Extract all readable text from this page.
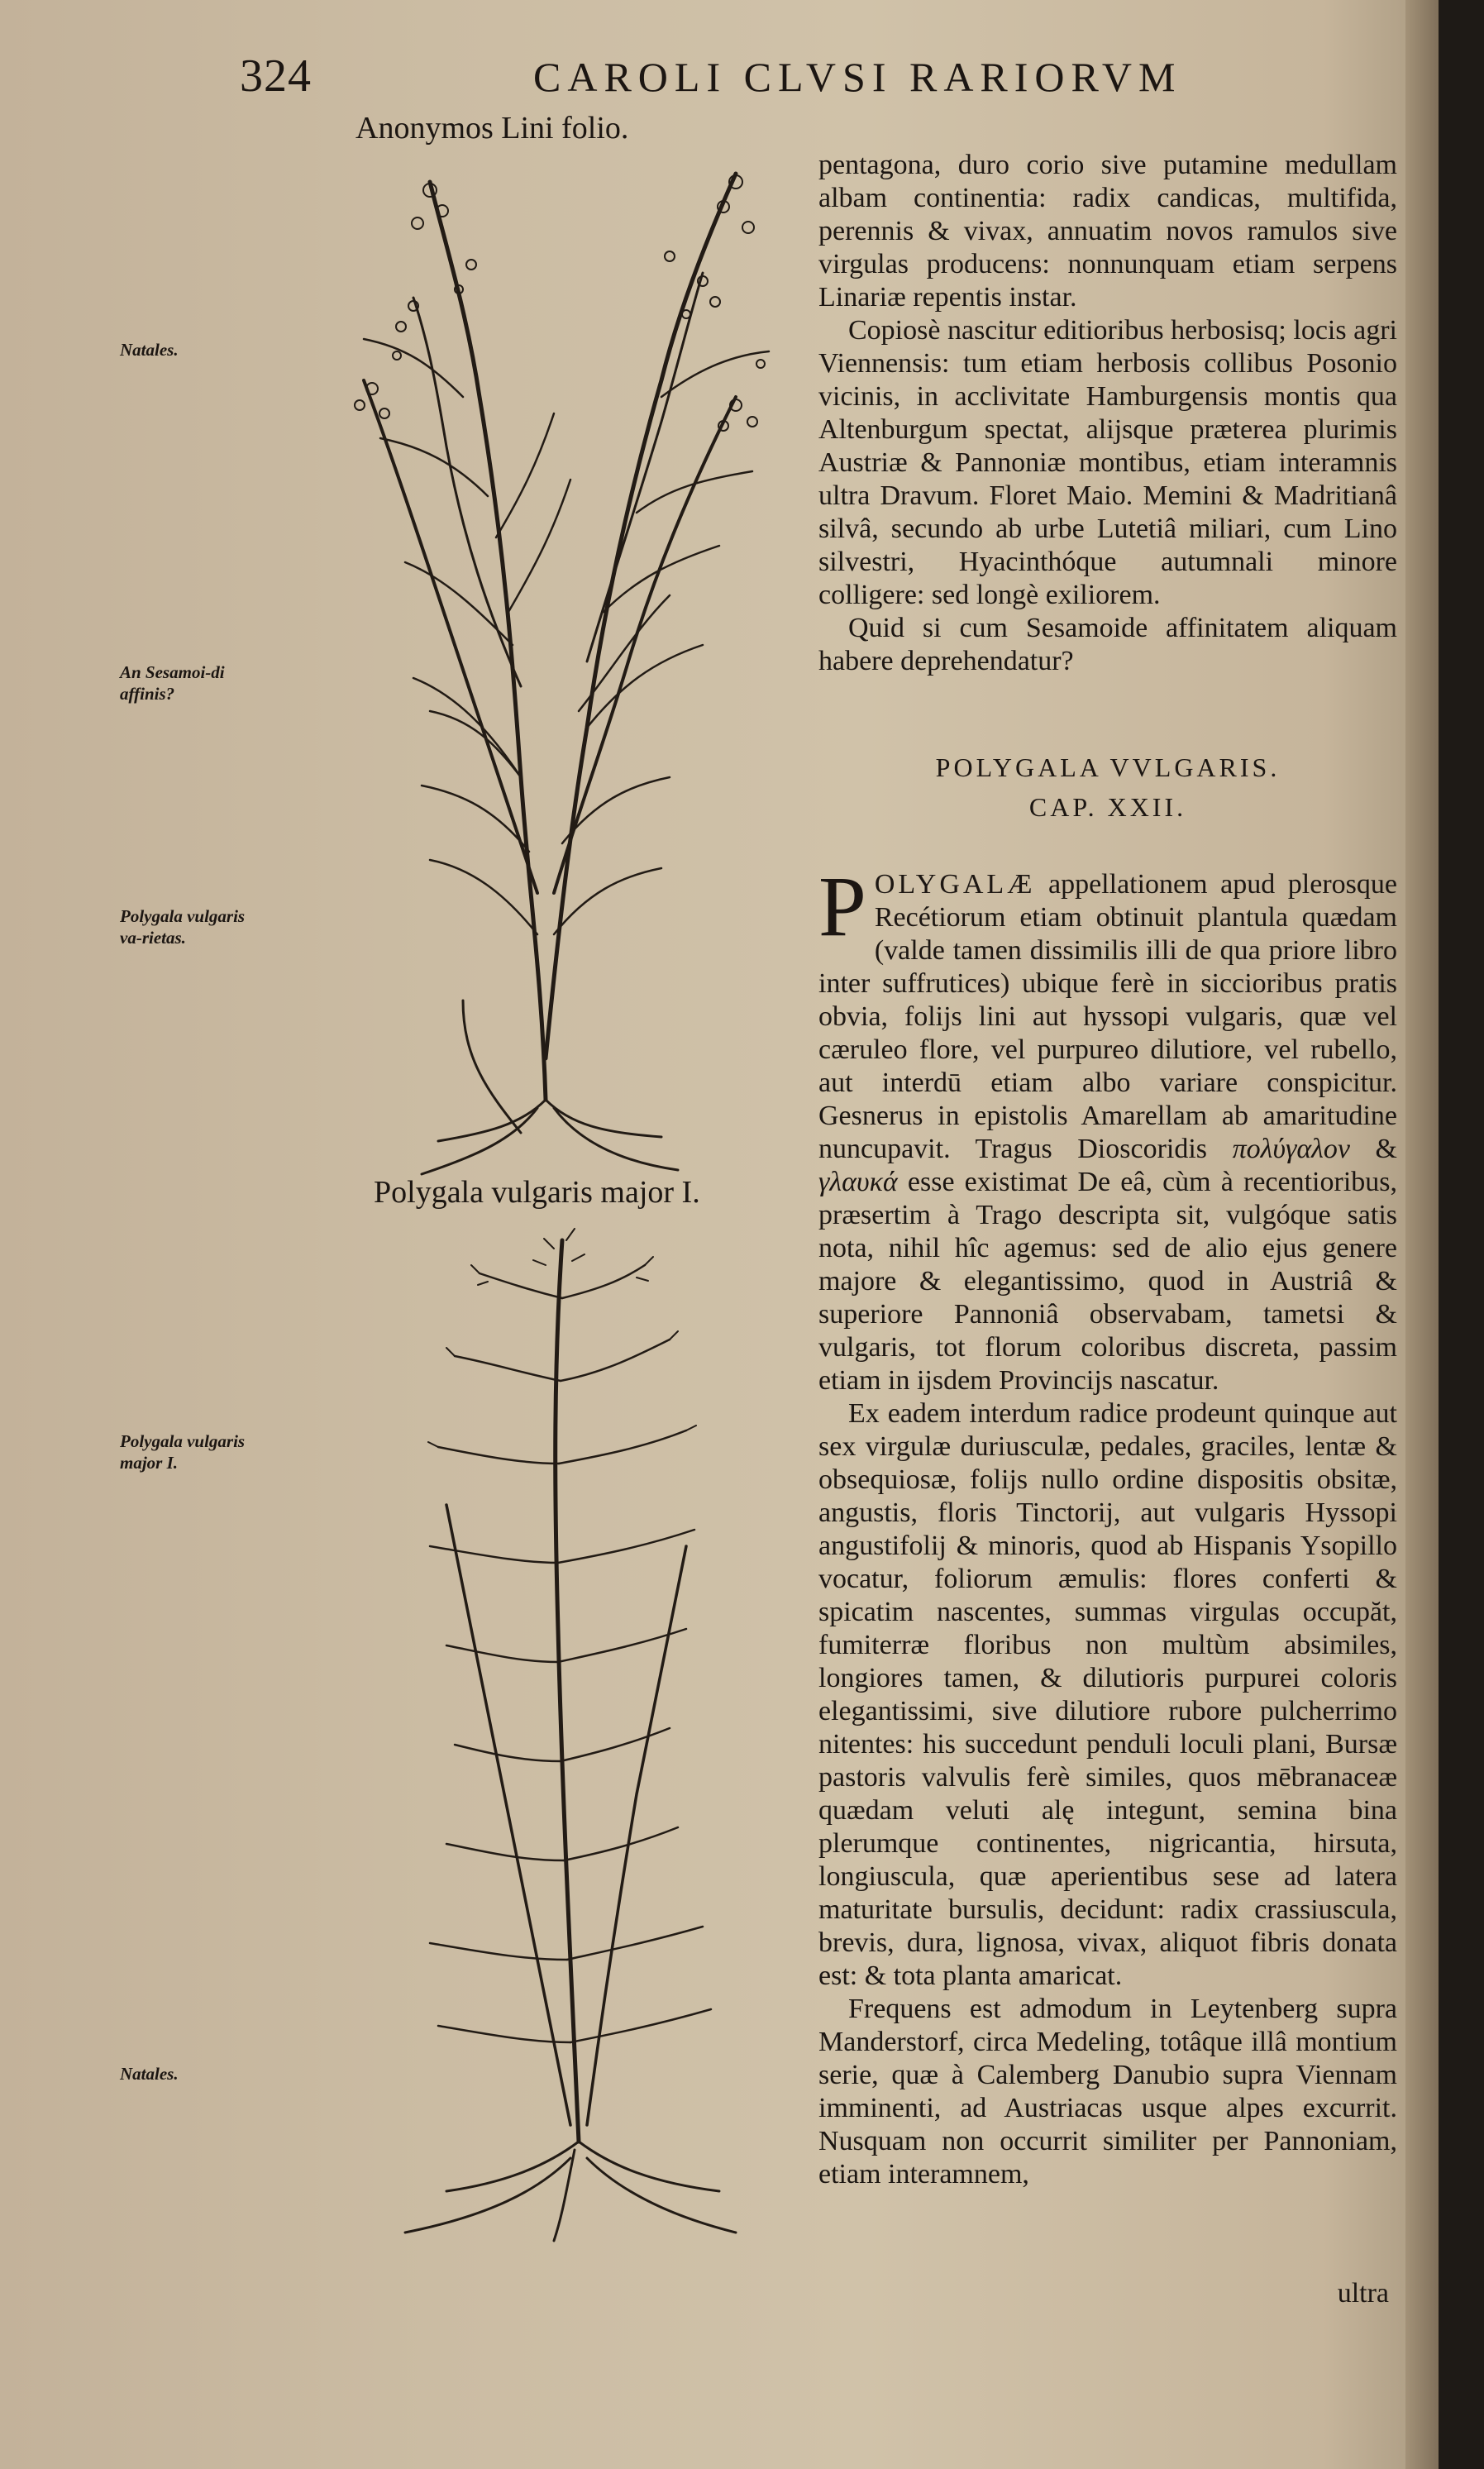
324	CAROLI CLVSI RARIORVM
Anonymos Lini folio.
Polygala vulgaris major I.
Natales.
An Sesamoi-di affinis?
Polygala vulgaris va-rietas.
Polygala vulgaris major I.
Natales.

pentagona, duro corio sive putamine medullam albam continentia: radix candicas, multifida, perennis & vivax, annuatim novos ramulos sive virgulas producens: nonnunquam etiam serpens Linariæ repentis instar.

Copiosè nascitur editioribus herbosisq; locis agri Viennensis: tum etiam herbosis collibus Posonio vicinis, in acclivitate Hamburgensis montis qua Altenburgum spectat, alijsque præterea plurimis Austriæ & Pannoniæ montibus, etiam interamnis ultra Dravum. Floret Maio. Memini & Madritianâ silvâ, secundo ab urbe Lutetiâ miliari, cum Lino silvestri, Hyacinthóque autumnali minore colligere: sed longè exiliorem.

Quid si cum Sesamoide affinitatem aliquam habere deprehendatur?

POLYGALA VVLGARIS.
CAP. XXII.

POLYGALÆ appellationem apud plerosque Recétiorum etiam obtinuit plantula quædam (valde tamen dissimilis illi de qua priore libro inter suffrutices) ubique ferè in siccioribus pratis obvia, folijs lini aut hyssopi vulgaris, quæ vel cæruleo flore, vel purpureo dilutiore, vel rubello, aut interdū etiam albo variare conspicitur. Gesnerus in epistolis Amarellam ab amaritudine nuncupavit. Tragus Dioscoridis πολύγαλον & γλαυκά esse existimat De eâ, cùm à recentioribus, præsertim à Trago descripta sit, vulgóque satis nota, nihil hîc agemus: sed de alio ejus genere majore & elegantissimo, quod in Austriâ & superiore Pannoniâ observabam, tametsi & vulgaris, tot florum coloribus discreta, passim etiam in ijsdem Provincijs nascatur.

Ex eadem interdum radice prodeunt quinque aut sex virgulæ duriusculæ, pedales, graciles, lentæ & obsequiosæ, folijs nullo ordine dispositis obsitæ, angustis, floris Tinctorij, aut vulgaris Hyssopi angustifolij & minoris, quod ab Hispanis Ysopillo vocatur, foliorum æmulis: flores conferti & spicatim nascentes, summas virgulas occupăt, fumiterræ floribus non multùm absimiles, longiores tamen, & dilutioris purpurei coloris elegantissimi, sive dilutiore rubore pulcherrimo nitentes: his succedunt penduli loculi plani, Bursæ pastoris valvulis ferè similes, quos mēbranaceæ quædam veluti alę integunt, semina bina plerumque continentes, nigricantia, hirsuta, longiuscula, quæ aperientibus sese ad latera maturitate bursulis, decidunt: radix crassiuscula, brevis, dura, lignosa, vivax, aliquot fibris donata est: & tota planta amaricat.

Frequens est admodum in Leytenberg supra Manderstorf, circa Medeling, totâque illâ montium serie, quæ à Calemberg Danubio supra Viennam imminenti, ad Austriacas usque alpes excurrit. Nusquam non occurrit similiter per Pannoniam, etiam interamnem,

ultra
